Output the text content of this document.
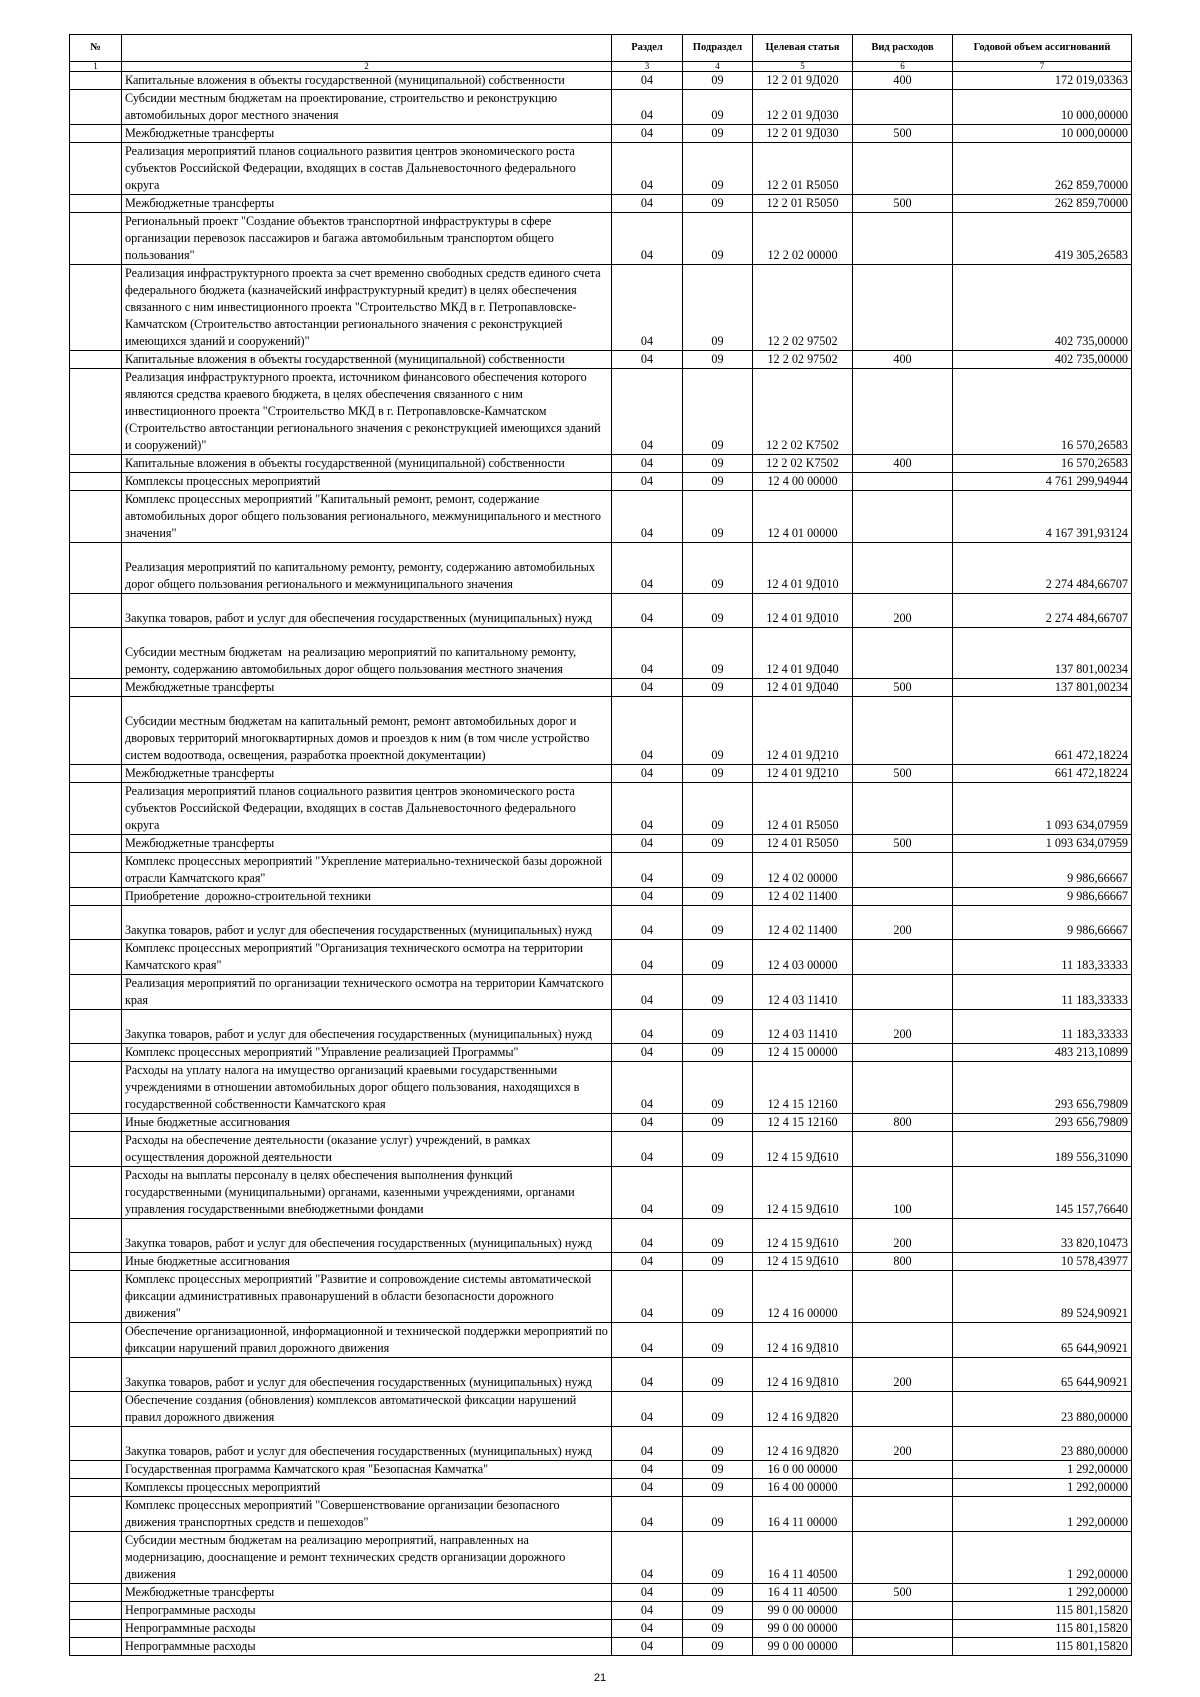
№		Раздел	Подраздел	Целевая статья	Вид расходов	Годовой объем ассигнований
1	2	3	4	5	6	7
	Капитальные вложения в объекты государственной (муниципальной) собственности	04	09	12 2 01 9Д020	400	172 019,03363
	Субсидии местным бюджетам на проектирование, строительство и реконструкцию автомобильных дорог местного значения	04	09	12 2 01 9Д030		10 000,00000
	Межбюджетные трансферты	04	09	12 2 01 9Д030	500	10 000,00000
	Реализация мероприятий планов социального развития центров экономического роста субъектов Российской Федерации, входящих в состав Дальневосточного федерального округа	04	09	12 2 01 R5050		262 859,70000
	Межбюджетные трансферты	04	09	12 2 01 R5050	500	262 859,70000
	Региональный проект "Создание объектов транспортной инфраструктуры в сфере организации перевозок пассажиров и багажа автомобильным транспортом общего пользования"	04	09	12 2 02 00000		419 305,26583
	Реализация инфраструктурного проекта за счет временно свободных средств единого счета федерального бюджета (казначейский инфраструктурный кредит) в целях обеспечения связанного с ним инвестиционного проекта "Строительство МКД в г. Петропавловске-Камчатском (Строительство автостанции регионального значения с реконструкцией имеющихся зданий и сооружений)"	04	09	12 2 02 97502		402 735,00000
	Капитальные вложения в объекты государственной (муниципальной) собственности	04	09	12 2 02 97502	400	402 735,00000
	Реализация инфраструктурного проекта, источником финансового обеспечения которого являются средства краевого бюджета, в целях обеспечения связанного с ним инвестиционного проекта "Строительство МКД в г. Петропавловске-Камчатском (Строительство автостанции регионального значения с реконструкцией имеющихся зданий и сооружений)"	04	09	12 2 02 K7502		16 570,26583
	Капитальные вложения в объекты государственной (муниципальной) собственности	04	09	12 2 02 K7502	400	16 570,26583
	Комплексы процессных мероприятий	04	09	12 4 00 00000		4 761 299,94944
	Комплекс процессных мероприятий "Капитальный ремонт, ремонт, содержание автомобильных дорог общего пользования регионального, межмуниципального и местного значения"	04	09	12 4 01 00000		4 167 391,93124
	Реализация мероприятий по капитальному ремонту, ремонту, содержанию автомобильных дорог общего пользования регионального и межмуниципального значения	04	09	12 4 01 9Д010		2 274 484,66707
	Закупка товаров, работ и услуг для обеспечения государственных (муниципальных) нужд	04	09	12 4 01 9Д010	200	2 274 484,66707
	Субсидии местным бюджетам  на реализацию мероприятий по капитальному ремонту, ремонту, содержанию автомобильных дорог общего пользования местного значения	04	09	12 4 01 9Д040		137 801,00234
	Межбюджетные трансферты	04	09	12 4 01 9Д040	500	137 801,00234
	Субсидии местным бюджетам на капитальный ремонт, ремонт автомобильных дорог и дворовых территорий многоквартирных домов и проездов к ним (в том числе устройство систем водоотвода, освещения, разработка проектной документации)	04	09	12 4 01 9Д210		661 472,18224
	Межбюджетные трансферты	04	09	12 4 01 9Д210	500	661 472,18224
	Реализация мероприятий планов социального развития центров экономического роста субъектов Российской Федерации, входящих в состав Дальневосточного федерального округа	04	09	12 4 01 R5050		1 093 634,07959
	Межбюджетные трансферты	04	09	12 4 01 R5050	500	1 093 634,07959
	Комплекс процессных мероприятий "Укрепление материально-технической базы дорожной отрасли Камчатского края"	04	09	12 4 02 00000		9 986,66667
	Приобретение  дорожно-строительной техники	04	09	12 4 02 11400		9 986,66667
	Закупка товаров, работ и услуг для обеспечения государственных (муниципальных) нужд	04	09	12 4 02 11400	200	9 986,66667
	Комплекс процессных мероприятий "Организация технического осмотра на территории Камчатского края"	04	09	12 4 03 00000		11 183,33333
	Реализация мероприятий по организации технического осмотра на территории Камчатского края	04	09	12 4 03 11410		11 183,33333
	Закупка товаров, работ и услуг для обеспечения государственных (муниципальных) нужд	04	09	12 4 03 11410	200	11 183,33333
	Комплекс процессных мероприятий "Управление реализацией Программы"	04	09	12 4 15 00000		483 213,10899
	Расходы на уплату налога на имущество организаций краевыми государственными учреждениями в отношении автомобильных дорог общего пользования, находящихся в государственной собственности Камчатского края	04	09	12 4 15 12160		293 656,79809
	Иные бюджетные ассигнования	04	09	12 4 15 12160	800	293 656,79809
	Расходы на обеспечение деятельности (оказание услуг) учреждений, в рамках осуществления дорожной деятельности	04	09	12 4 15 9Д610		189 556,31090
	Расходы на выплаты персоналу в целях обеспечения выполнения функций государственными (муниципальными) органами, казенными учреждениями, органами управления государственными внебюджетными фондами	04	09	12 4 15 9Д610	100	145 157,76640
	Закупка товаров, работ и услуг для обеспечения государственных (муниципальных) нужд	04	09	12 4 15 9Д610	200	33 820,10473
	Иные бюджетные ассигнования	04	09	12 4 15 9Д610	800	10 578,43977
	Комплекс процессных мероприятий "Развитие и сопровождение системы автоматической фиксации административных правонарушений в области безопасности дорожного движения"	04	09	12 4 16 00000		89 524,90921
	Обеспечение организационной, информационной и технической поддержки мероприятий по фиксации нарушений правил дорожного движения	04	09	12 4 16 9Д810		65 644,90921
	Закупка товаров, работ и услуг для обеспечения государственных (муниципальных) нужд	04	09	12 4 16 9Д810	200	65 644,90921
	Обеспечение создания (обновления) комплексов автоматической фиксации нарушений правил дорожного движения	04	09	12 4 16 9Д820		23 880,00000
	Закупка товаров, работ и услуг для обеспечения государственных (муниципальных) нужд	04	09	12 4 16 9Д820	200	23 880,00000
	Государственная программа Камчатского края "Безопасная Камчатка"	04	09	16 0 00 00000		1 292,00000
	Комплексы процессных мероприятий	04	09	16 4 00 00000		1 292,00000
	Комплекс процессных мероприятий "Совершенствование организации безопасного движения транспортных средств и пешеходов"	04	09	16 4 11 00000		1 292,00000
	Субсидии местным бюджетам на реализацию мероприятий, направленных на модернизацию, дооснащение и ремонт технических средств организации дорожного движения	04	09	16 4 11 40500		1 292,00000
	Межбюджетные трансферты	04	09	16 4 11 40500	500	1 292,00000
	Непрограммные расходы	04	09	99 0 00 00000		115 801,15820
	Непрограммные расходы	04	09	99 0 00 00000		115 801,15820
	Непрограммные расходы	04	09	99 0 00 00000		115 801,15820
21
